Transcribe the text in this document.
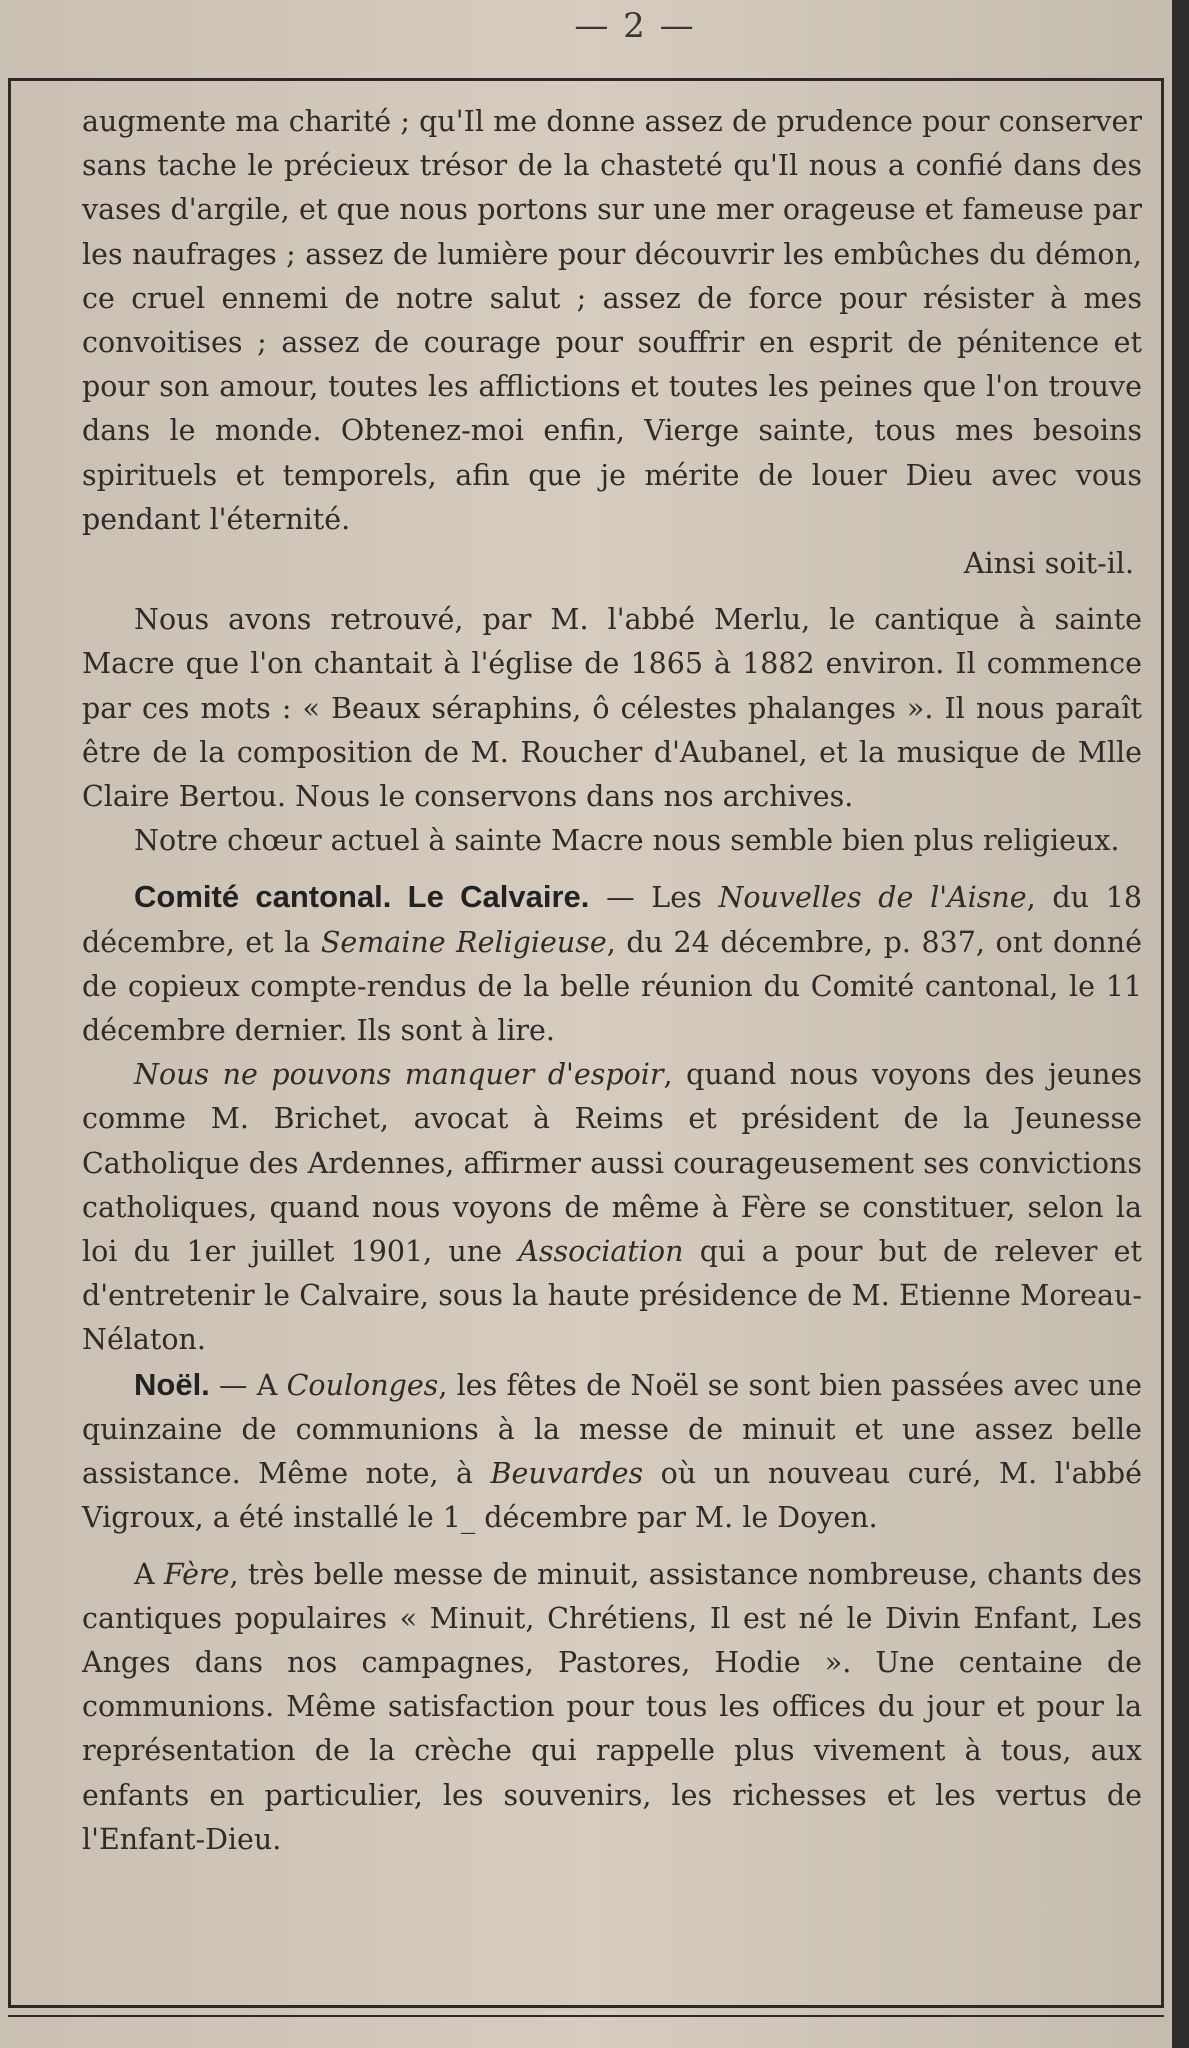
— 2 —

augmente ma charité ; qu'Il me donne assez de prudence pour conserver sans tache le précieux trésor de la chasteté qu'Il nous a confié dans des vases d'argile, et que nous portons sur une mer orageuse et fameuse par les naufrages ; assez de lumière pour découvrir les embûches du démon, ce cruel ennemi de notre salut ; assez de force pour résister à mes convoitises ; assez de courage pour souffrir en esprit de pénitence et pour son amour, toutes les afflictions et toutes les peines que l'on trouve dans le monde. Obtenez-moi enfin, Vierge sainte, tous mes besoins spirituels et temporels, afin que je mérite de louer Dieu avec vous pendant l'éternité.

Ainsi soit-il.

Nous avons retrouvé, par M. l'abbé Merlu, le cantique à sainte Macre que l'on chantait à l'église de 1865 à 1882 environ. Il commence par ces mots : « Beaux séraphins, ô célestes phalanges ». Il nous paraît être de la composition de M. Roucher d'Aubanel, et la musique de Mlle Claire Bertou. Nous le conservons dans nos archives.

Notre chœur actuel à sainte Macre nous semble bien plus religieux.

Comité cantonal. Le Calvaire. — Les Nouvelles de l'Aisne, du 18 décembre, et la Semaine Religieuse, du 24 décembre, p. 837, ont donné de copieux compte-rendus de la belle réunion du Comité cantonal, le 11 décembre dernier. Ils sont à lire.

Nous ne pouvons manquer d'espoir, quand nous voyons des jeunes comme M. Brichet, avocat à Reims et président de la Jeunesse Catholique des Ardennes, affirmer aussi courageusement ses convictions catholiques, quand nous voyons de même à Fère se constituer, selon la loi du 1er juillet 1901, une Association qui a pour but de relever et d'entretenir le Calvaire, sous la haute présidence de M. Etienne Moreau-Nélaton.

Noël. — A Coulonges, les fêtes de Noël se sont bien passées avec une quinzaine de communions à la messe de minuit et une assez belle assistance. Même note, à Beuvardes où un nouveau curé, M. l'abbé Vigroux, a été installé le 1_ décembre par M. le Doyen.

A Fère, très belle messe de minuit, assistance nombreuse, chants des cantiques populaires « Minuit, Chrétiens, Il est né le Divin Enfant, Les Anges dans nos campagnes, Pastores, Hodie ». Une centaine de communions. Même satisfaction pour tous les offices du jour et pour la représentation de la crèche qui rappelle plus vivement à tous, aux enfants en particulier, les souvenirs, les richesses et les vertus de l'Enfant-Dieu.
